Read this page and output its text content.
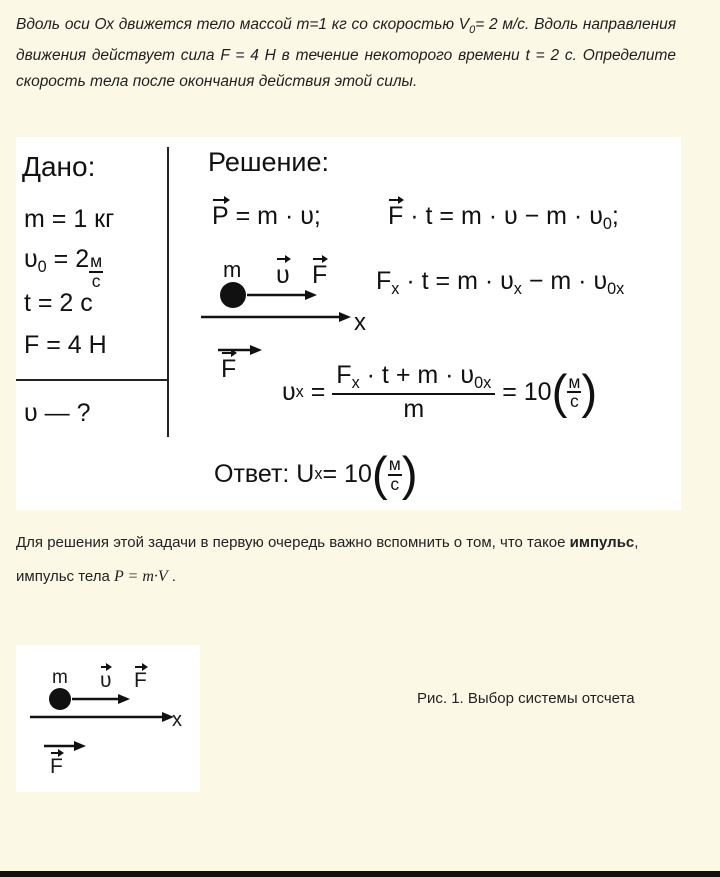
Вдоль оси Ох движется тело массой m=1 кг со скоростью $V_0= 2$ м/с. Вдоль направления движения действует сила F = 4 Н в течение некоторого времени t = 2 с. Определите скорость тела после окончания действия этой силы.
Дано:	Решение:
m = 1 кг
$\upsilon_0 = 2 \frac{м}{с}$
t = 2 с
F = 4 Н
υ — ?
P = m · υ;	$F \cdot t = m \cdot \upsilon - m \cdot \upsilon_0$;
m υ F
x
F
$F_x \cdot t = m \cdot \upsilon_x - m \cdot \upsilon_{0x}$
υ $x = \frac{F_x \cdot t + m \cdot \upsilon_{0x}}{m}$
= 10 ( $\frac{м}{с}$ )
Ответ: U x = 10 ( $\frac{м}{с}$ )
Для решения этой задачи в первую очередь важно вспомнить о том, что такое импульс, импульс тела P = m·V .
m υ F
x
F
Рис. 1. Выбор системы отсчета
